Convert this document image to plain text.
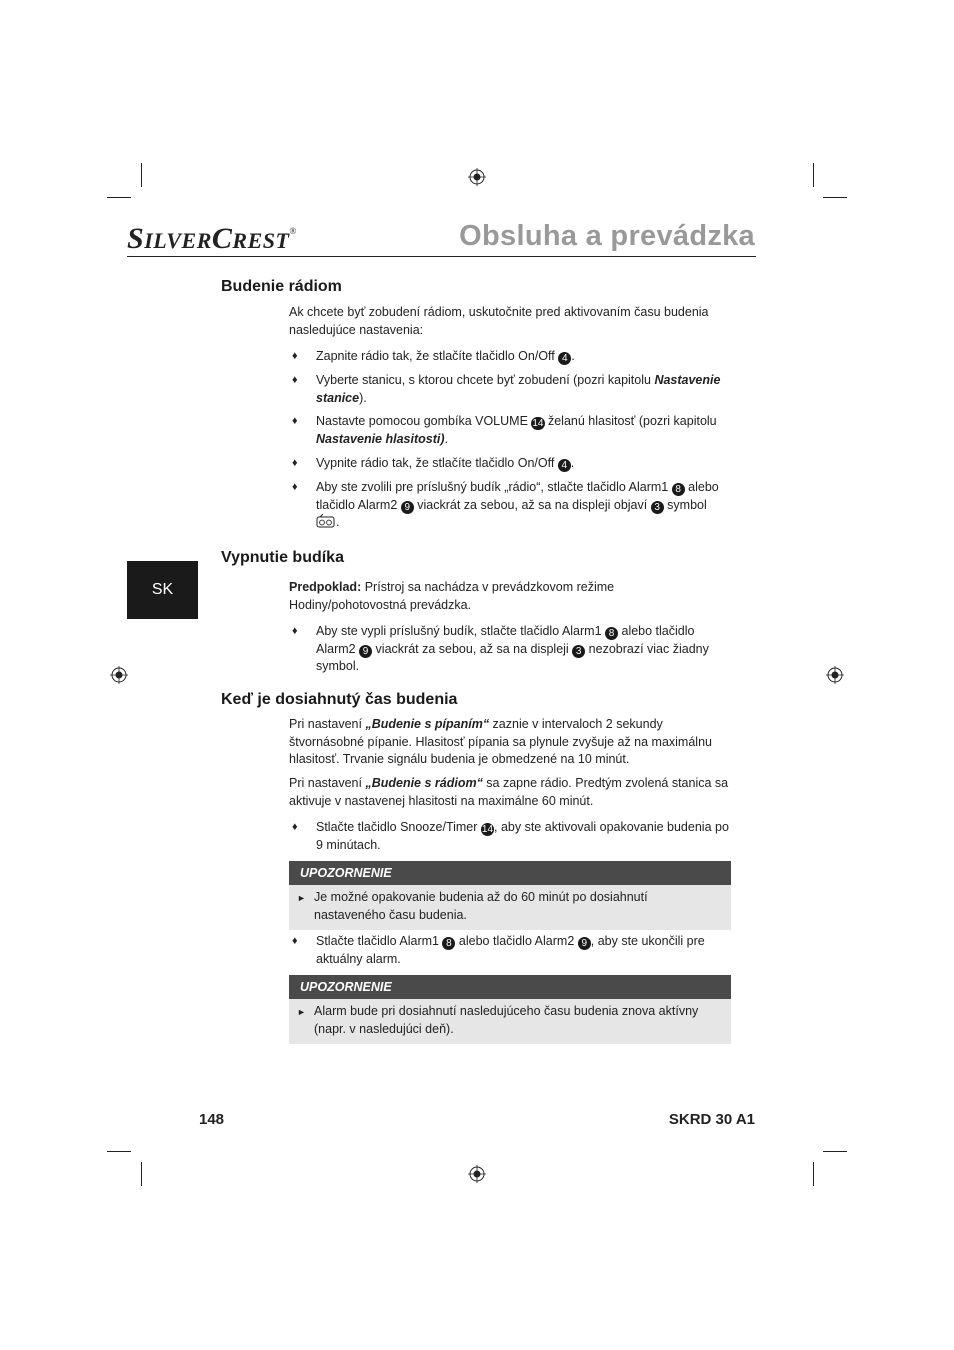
SILVERCREST®	Obsluha a prevádzka
SK
Budenie rádiom

Ak chcete byť zobudení rádiom, uskutočnite pred aktivovaním času budenia nasledujúce nastavenia:

♦ Zapnite rádio tak, že stlačíte tlačidlo On/Off 4 .
♦ Vyberte stanicu, s ktorou chcete byť zobudení (pozri kapitolu Nastavenie stanice).
♦ Nastavte pomocou gombíka VOLUME 14 želanú hlasitosť (pozri kapitolu Nastavenie hlasitosti).
♦ Vypnite rádio tak, že stlačíte tlačidlo On/Off 4 .
♦ Aby ste zvolili pre príslušný budík „rádio“, stlačte tlačidlo Alarm1 8 alebo tlačidlo Alarm2 9 viackrát za sebou, až sa na displeji objaví 3 symbol
.
Vypnutie budíka

Predpoklad: Prístroj sa nachádza v prevádzkovom režime Hodiny/pohotovostná prevádzka.

♦ Aby ste vypli príslušný budík, stlačte tlačidlo Alarm1 8 alebo tlačidlo Alarm2 9 viackrát za sebou, až sa na displeji 3 nezobrazí viac žiadny symbol.
Keď je dosiahnutý čas budenia

Pri nastavení „Budenie s pípaním“ zaznie v intervaloch 2 sekundy štvornásobné pípanie. Hlasitosť pípania sa plynule zvyšuje až na maximálnu hlasitosť. Trvanie signálu budenia je obmedzené na 10 minút.

Pri nastavení „Budenie s rádiom“ sa zapne rádio. Predtým zvolená stanica sa aktivuje v nastavenej hlasitosti na maximálne 60 minút.

♦ Stlačte tlačidlo Snooze/Timer 14, aby ste aktivovali opakovanie budenia po 9 minútach.
UPOZORNENIE
► Je možné opakovanie budenia až do 60 minút po dosiahnutí nastaveného času budenia.
♦ Stlačte tlačidlo Alarm1 8 alebo tlačidlo Alarm2 9 , aby ste ukončili pre aktuálny alarm.
UPOZORNENIE
► Alarm bude pri dosiahnutí nasledujúceho času budenia znova aktívny (napr. v nasledujúci deň).
148	SKRD 30 A1
